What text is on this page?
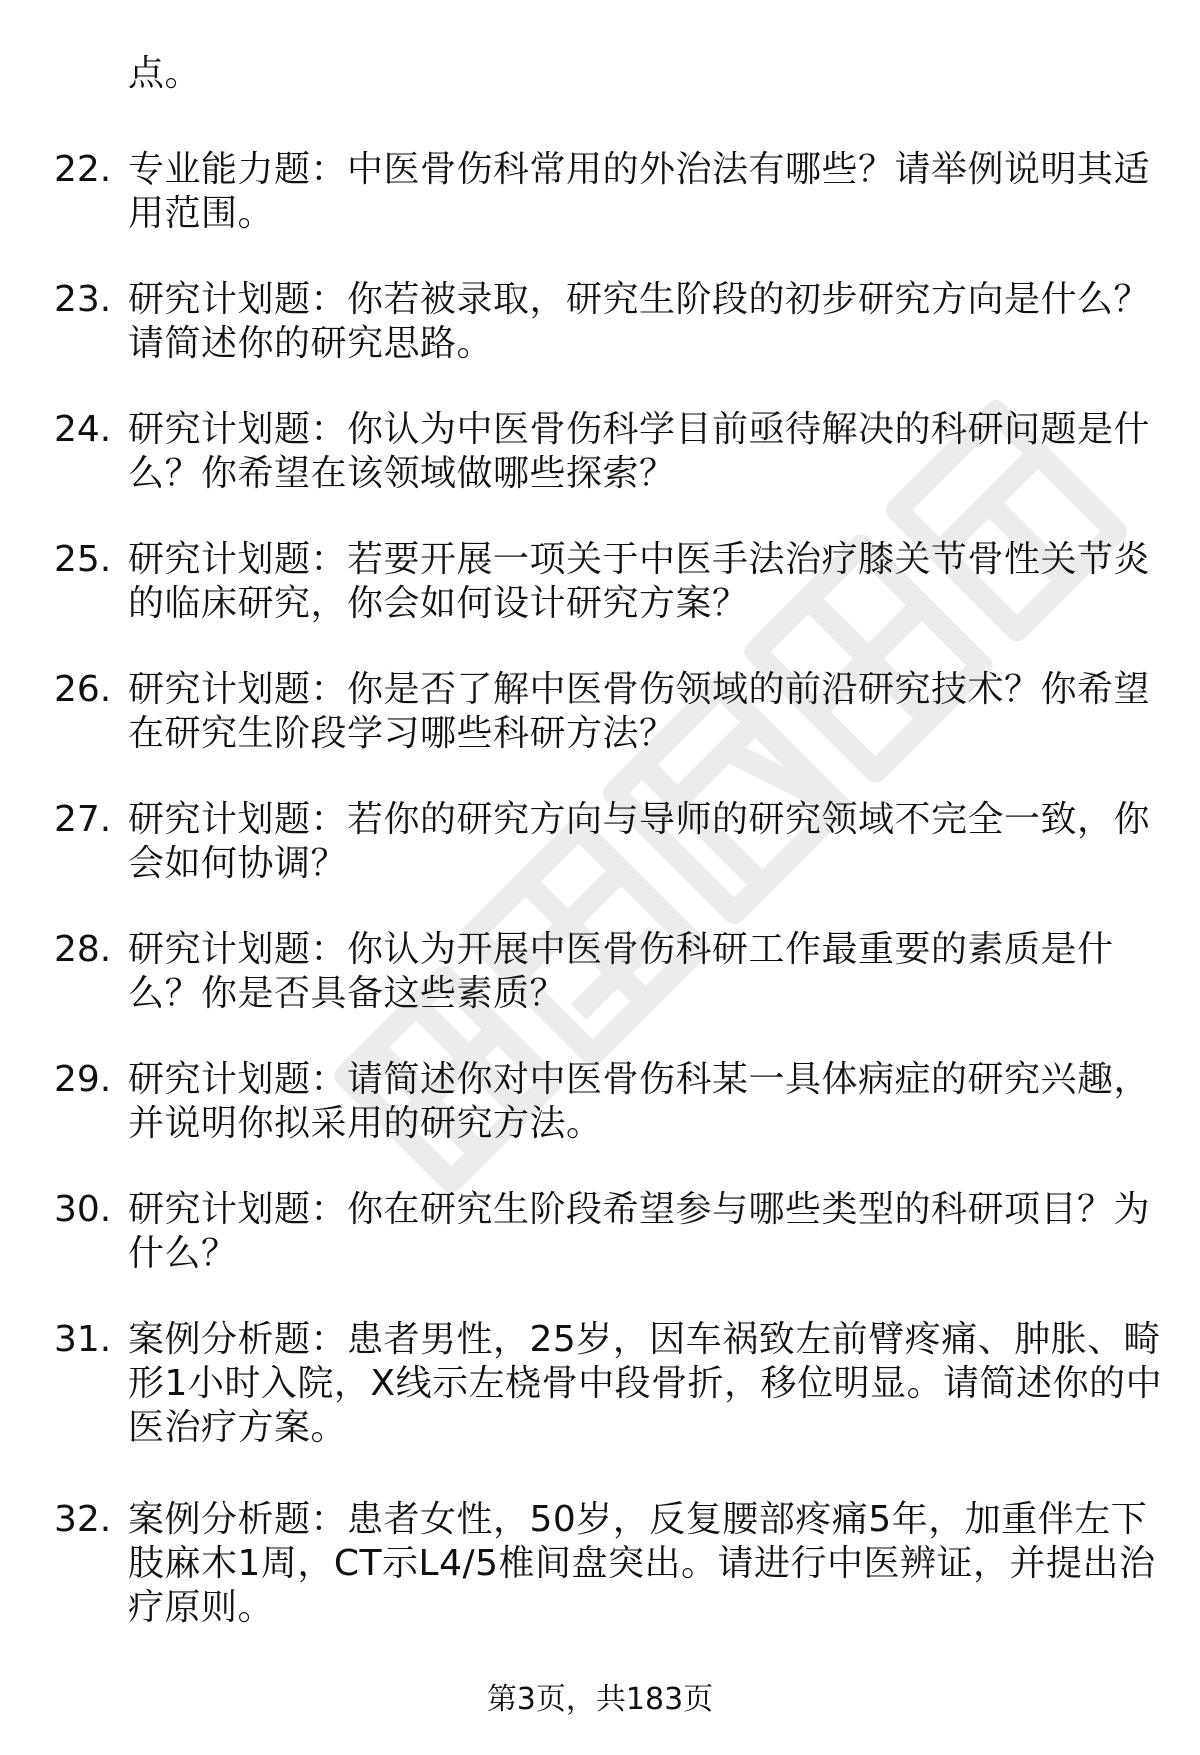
点。
22. 专业能力题：中医骨伤科常用的外治法有哪些？请举例说明其适
用范围。
23. 研究计划题：你若被录取，研究生阶段的初步研究方向是什么？
请简述你的研究思路。
24. 研究计划题：你认为中医骨伤科学目前亟待解决的科研问题是什
么？你希望在该领域做哪些探索？
25. 研究计划题：若要开展一项关于中医手法治疗膝关节骨性关节炎
的临床研究，你会如何设计研究方案？
26. 研究计划题：你是否了解中医骨伤领域的前沿研究技术？你希望
在研究生阶段学习哪些科研方法？
27. 研究计划题：若你的研究方向与导师的研究领域不完全一致，你
会如何协调？
28. 研究计划题：你认为开展中医骨伤科研工作最重要的素质是什
么？你是否具备这些素质？
29. 研究计划题：请简述你对中医骨伤科某一具体病症的研究兴趣，
并说明你拟采用的研究方法。
30. 研究计划题：你在研究生阶段希望参与哪些类型的科研项目？为
什么？
31. 案例分析题：患者男性，25岁，因车祸致左前臂疼痛、肿胀、畸
形1小时入院，X线示左桡骨中段骨折，移位明显。请简述你的中
医治疗方案。
32. 案例分析题：患者女性，50岁，反复腰部疼痛5年，加重伴左下
肢麻木1周，CT示L4/5椎间盘突出。请进行中医辨证，并提出治
疗原则。
第3页，共183页
